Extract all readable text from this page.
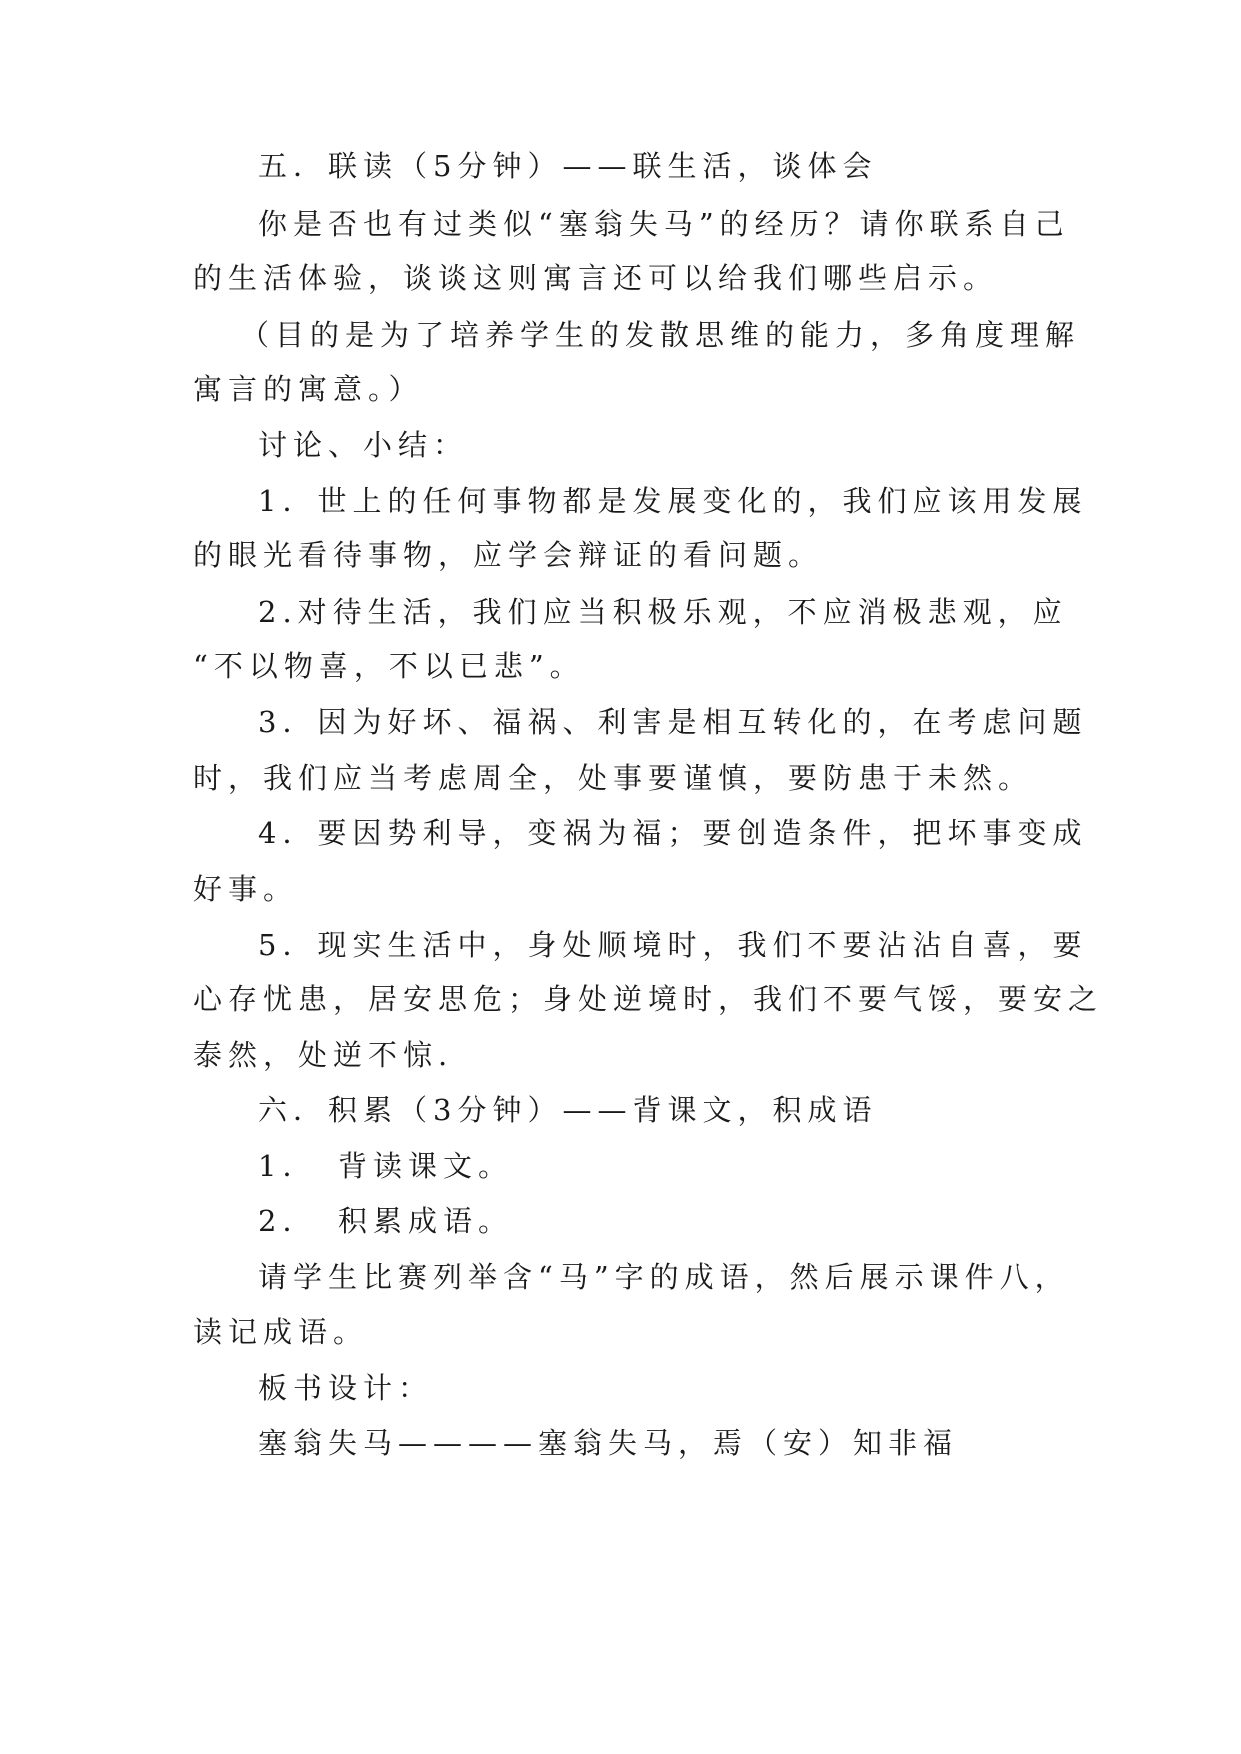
五．联读（5分钟）——联生活，谈体会
你是否也有过类似“塞翁失马”的经历？请你联系自己
的生活体验，谈谈这则寓言还可以给我们哪些启示。
（目的是为了培养学生的发散思维的能力，多角度理解
寓言的寓意。）
讨论、小结：
1．世上的任何事物都是发展变化的，我们应该用发展
的眼光看待事物，应学会辩证的看问题。
2.对待生活，我们应当积极乐观，不应消极悲观，应
“不以物喜，不以已悲”。
3．因为好坏、福祸、利害是相互转化的，在考虑问题
时，我们应当考虑周全，处事要谨慎，要防患于未然。
4．要因势利导，变祸为福；要创造条件，把坏事变成
好事。
5．现实生活中，身处顺境时，我们不要沾沾自喜，要
心存忧患，居安思危；身处逆境时，我们不要气馁，要安之
泰然，处逆不惊.
六．积累（3分钟）——背课文，积成语
1．　背读课文。
2．　积累成语。
请学生比赛列举含“马”字的成语，然后展示课件八，
读记成语。
板书设计：
塞翁失马————塞翁失马，焉（安）知非福
